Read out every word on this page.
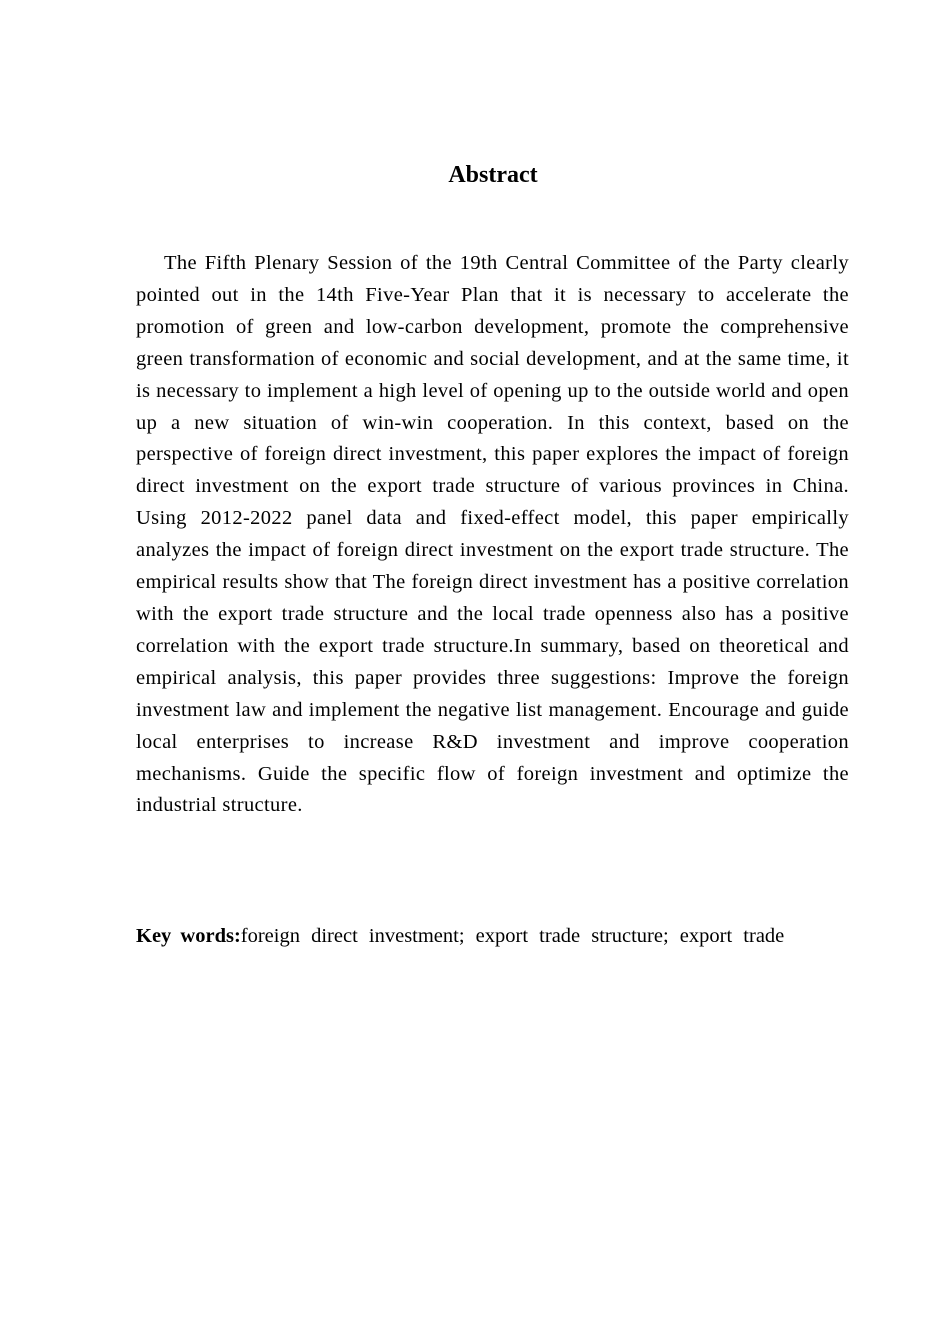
Abstract

The Fifth Plenary Session of the 19th Central Committee of the Party clearly pointed out in the 14th Five-Year Plan that it is necessary to accelerate the promotion of green and low-carbon development, promote the comprehensive green transformation of economic and social development, and at the same time, it is necessary to implement a high level of opening up to the outside world and open up a new situation of win-win cooperation. In this context, based on the perspective of foreign direct investment, this paper explores the impact of foreign direct investment on the export trade structure of various provinces in China. Using 2012-2022 panel data and fixed-effect model, this paper empirically analyzes the impact of foreign direct investment on the export trade structure. The empirical results show that The foreign direct investment has a positive correlation with the export trade structure and the local trade openness also has a positive correlation with the export trade structure.In summary, based on theoretical and empirical analysis, this paper provides three suggestions: Improve the foreign investment law and implement the negative list management. Encourage and guide local enterprises to increase R&D investment and improve cooperation mechanisms. Guide the specific flow of foreign investment and optimize the industrial structure.

Key words:foreign direct investment; export trade structure; export trade
